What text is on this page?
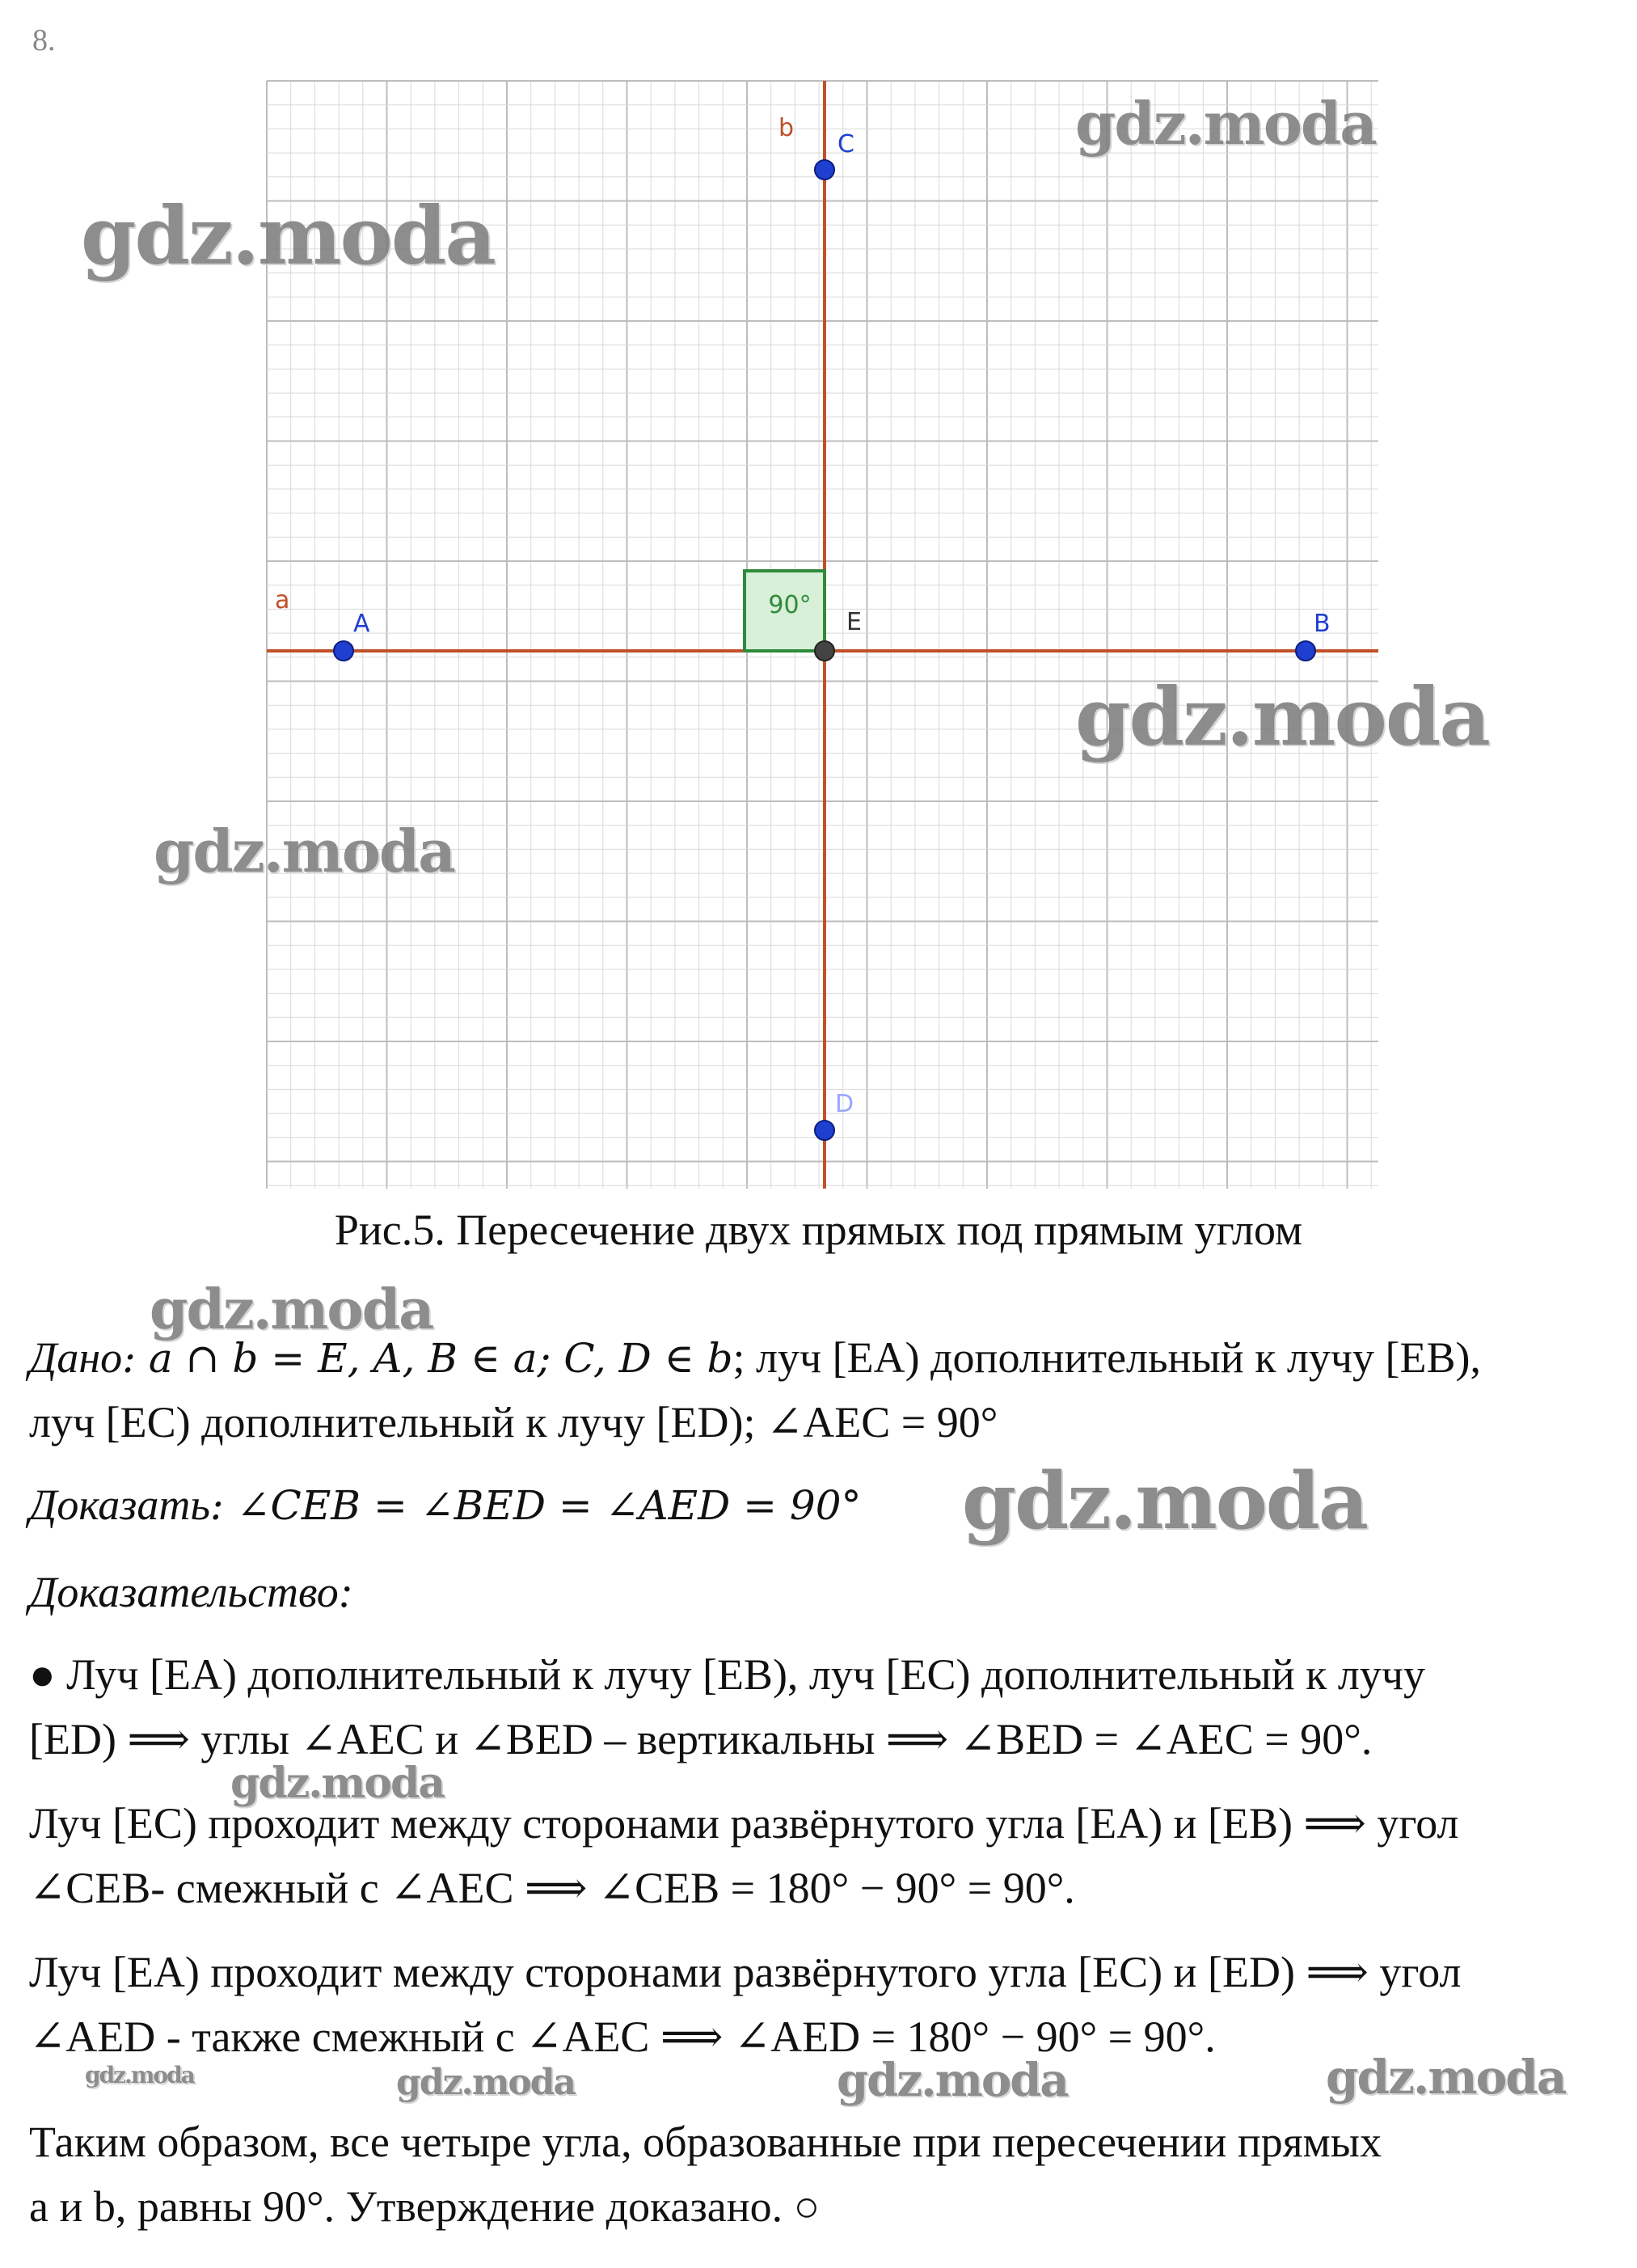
8.
90°
a
b
C
A	B
E
D
Рис.5. Пересечение двух прямых под прямым углом
Дано: a ∩ b = E, A, B ∈ a; C, D ∈ b; луч [EA) дополнительный к лучу [EB),
луч [EC) дополнительный к лучу [ED); ∠AEC = 90°
Доказать: ∠CEB = ∠BED = ∠AED = 90°
Доказательство:
● Луч [EA) дополнительный к лучу [EB), луч [EC) дополнительный к лучу
[ED) ⟹ углы ∠AEC и ∠BED – вертикальны ⟹ ∠BED = ∠AEC = 90°.
Луч [EC) проходит между сторонами развёрнутого угла [EA) и [EB) ⟹ угол
∠CEB- смежный с ∠AEC ⟹ ∠CEB = 180° − 90° = 90°.
Луч [EA) проходит между сторонами развёрнутого угла [EC) и [ED) ⟹ угол
∠AED - также смежный с ∠AEC ⟹ ∠AED = 180° − 90° = 90°.
Таким образом, все четыре угла, образованные при пересечении прямых
a и b, равны 90°. Утверждение доказано. ○
gdz.moda
gdz.moda
gdz.moda
gdz.moda
gdz.moda
gdz.moda
gdz.moda
gdz.moda	gdz.moda	gdz.moda	gdz.moda
